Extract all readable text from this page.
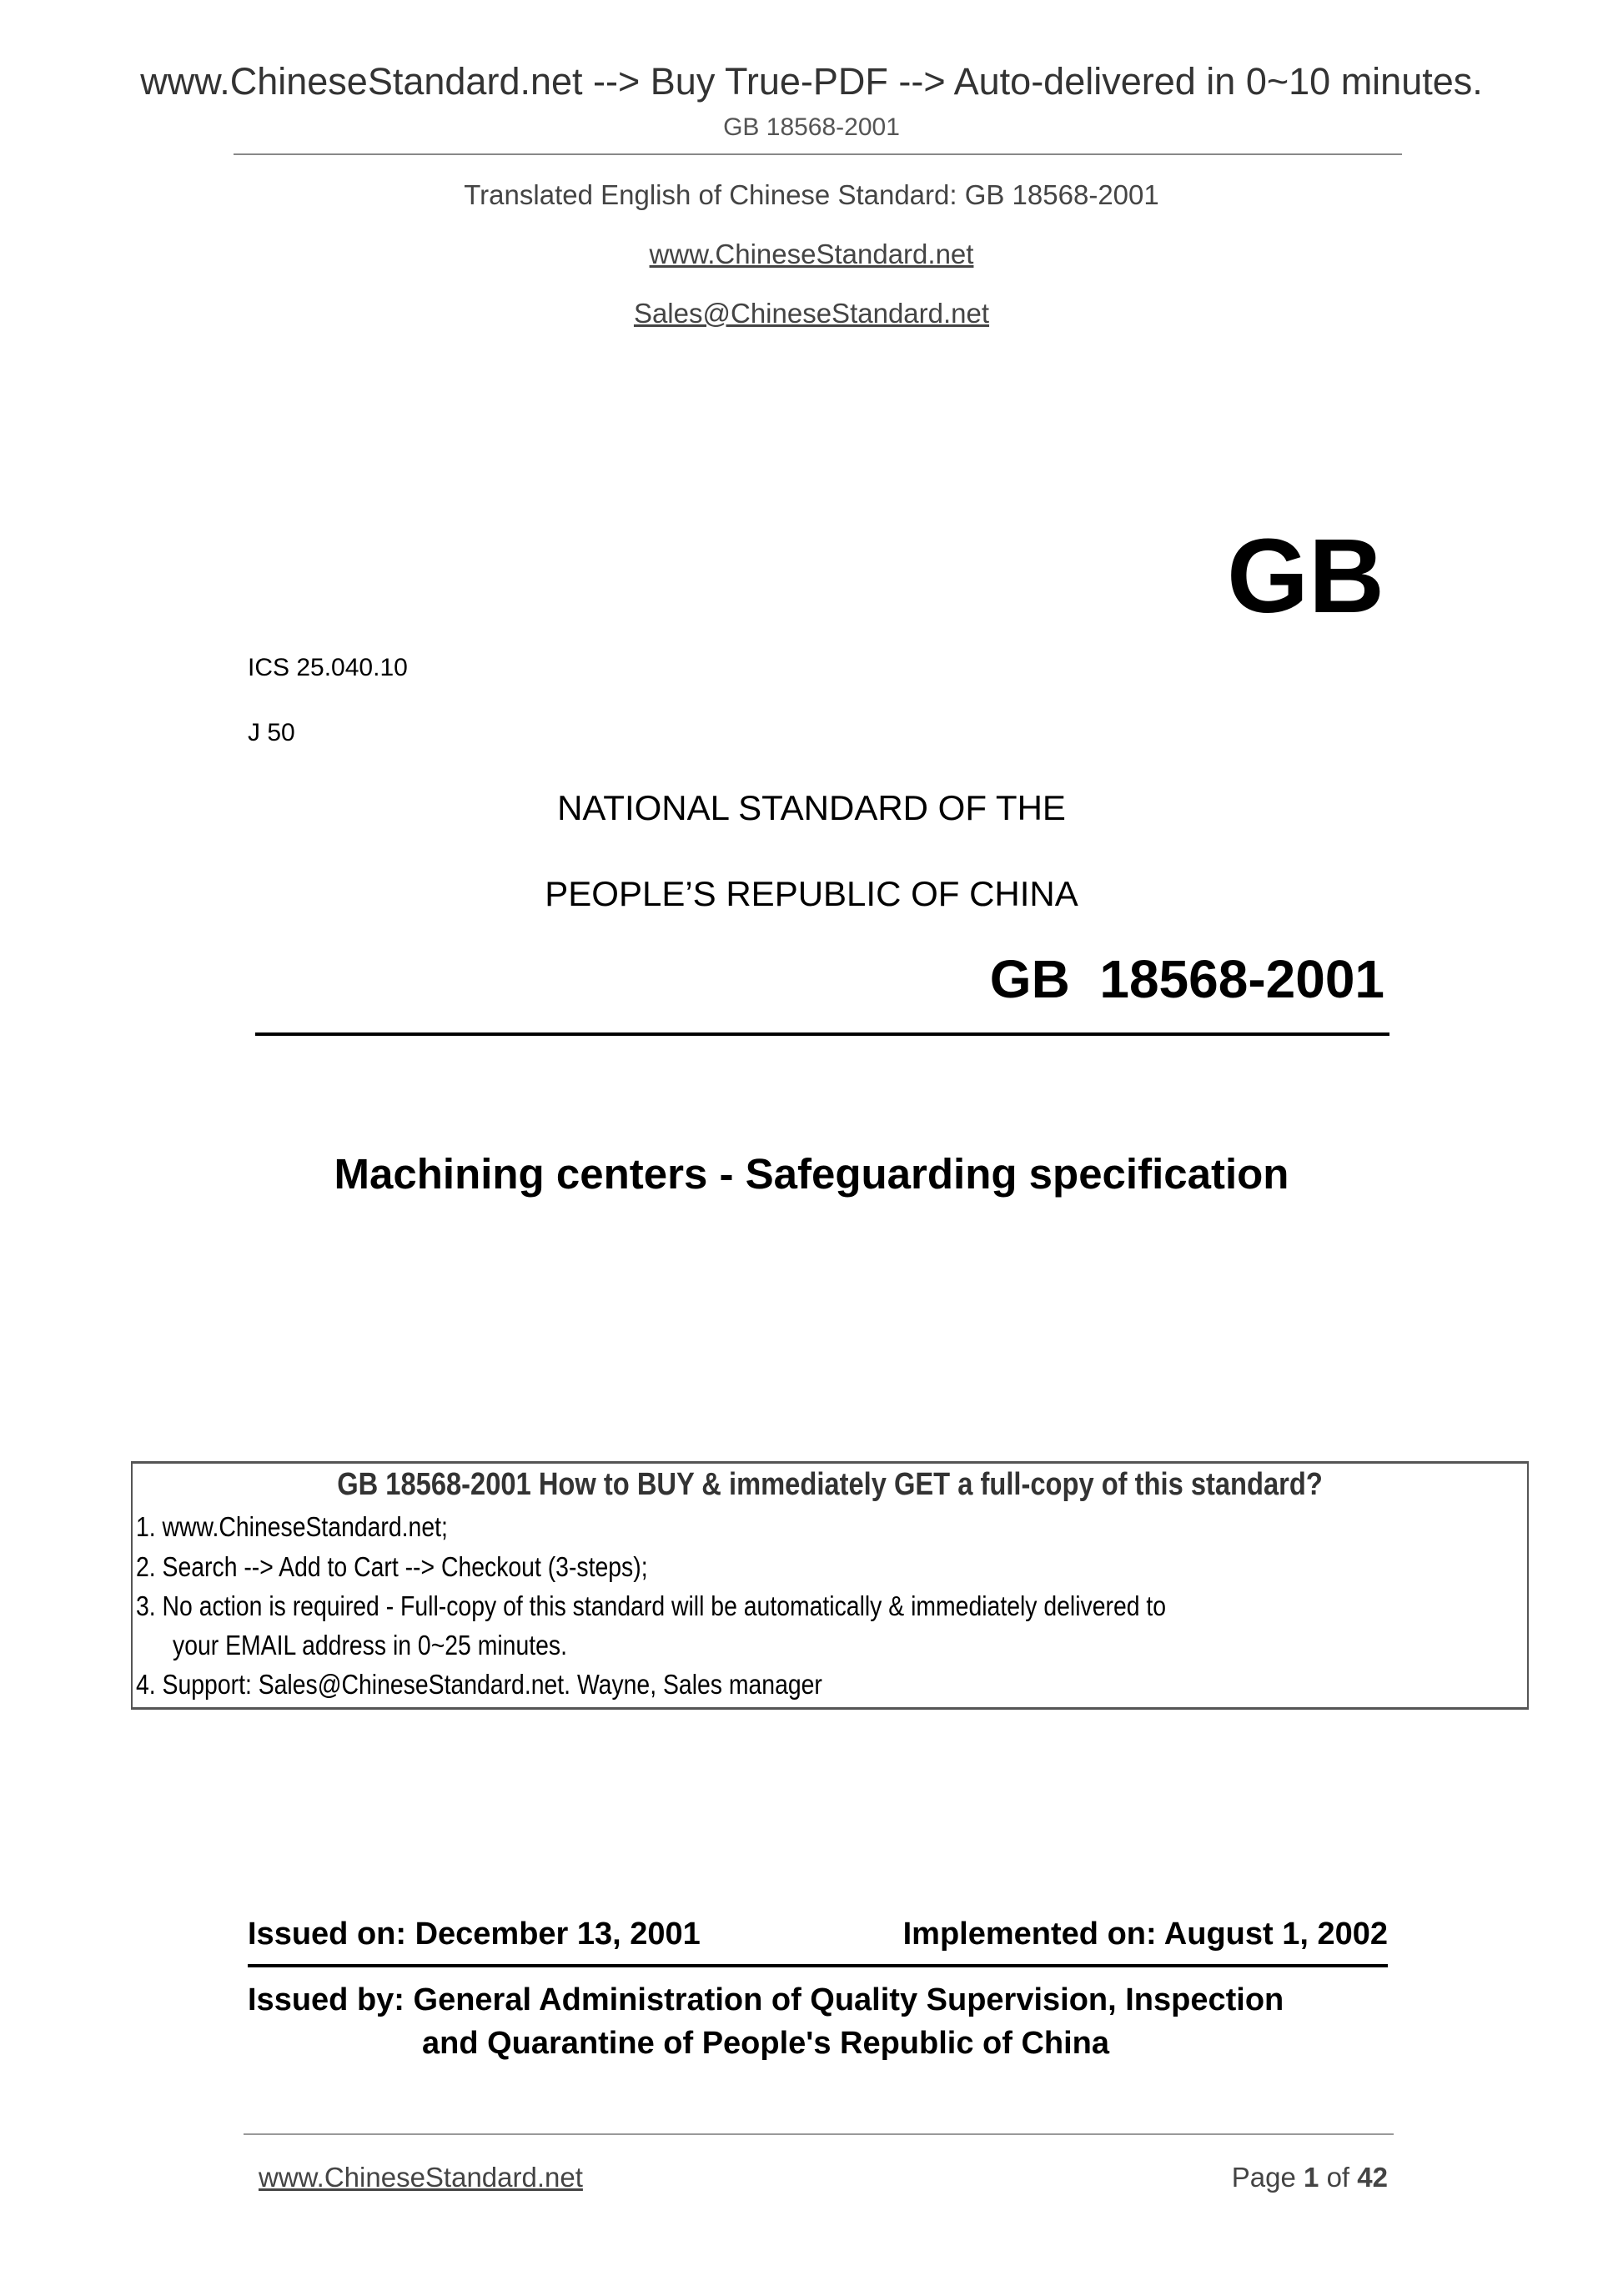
www.ChineseStandard.net --> Buy True-PDF --> Auto-delivered in 0~10 minutes.
GB 18568-2001
Translated English of Chinese Standard: GB 18568-2001
www.ChineseStandard.net
Sales@ChineseStandard.net
GB
ICS 25.040.10
J 50
NATIONAL STANDARD OF THE
PEOPLE’S REPUBLIC OF CHINA
GB  18568-2001
Machining centers - Safeguarding specification
GB 18568-2001 How to BUY & immediately GET a full-copy of this standard?
1. www.ChineseStandard.net;
2. Search --> Add to Cart --> Checkout (3-steps);
3. No action is required - Full-copy of this standard will be automatically & immediately delivered to
your EMAIL address in 0~25 minutes.
4. Support: Sales@ChineseStandard.net. Wayne, Sales manager
Issued on: December 13, 2001	Implemented on: August 1, 2002
Issued by: General Administration of Quality Supervision, Inspection
and Quarantine of People's Republic of China
www.ChineseStandard.net	Page 1 of 42
